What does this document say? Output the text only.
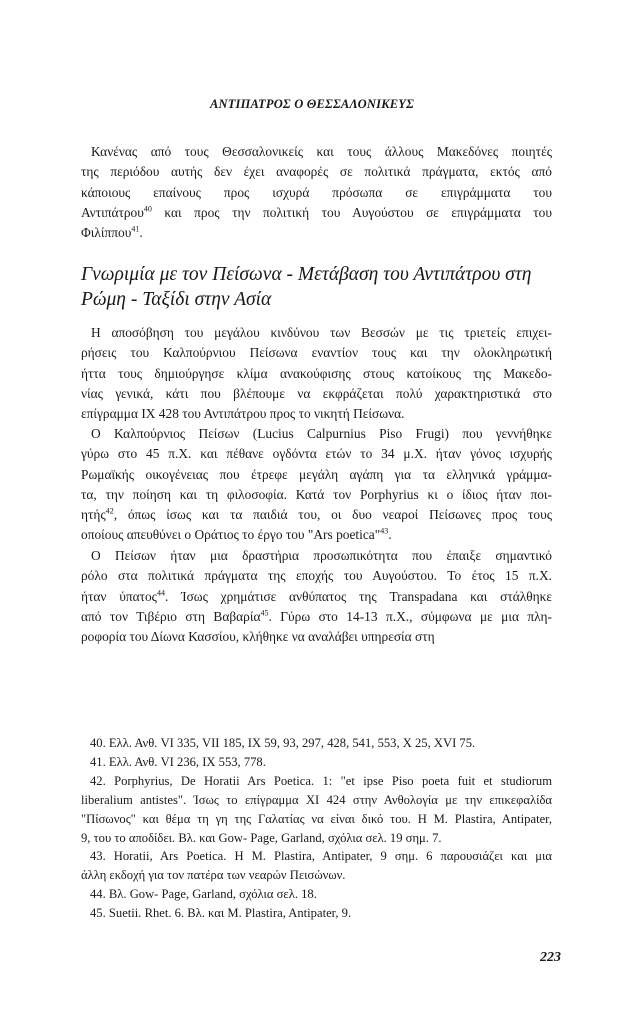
ΑΝΤΙΠΑΤΡΟΣ Ο ΘΕΣΣΑΛΟΝΙΚΕΥΣ

Κανένας από τους Θεσσαλονικείς και τους άλλους Μακεδόνες ποιητές
της περιόδου αυτής δεν έχει αναφορές σε πολιτικά πράγματα, εκτός από
κάποιους επαίνους προς ισχυρά πρόσωπα σε επιγράμματα του
Αντιπάτρου$^{40}$ και προς την πολιτική του Αυγούστου σε επιγράμματα του
Φιλίππου$^{41}$.

Γνωριμία με τον Πείσωνα - Μετάβαση του Αντιπάτρου στη
Ρώμη - Ταξίδι στην Ασία

Η αποσόβηση του μεγάλου κινδύνου των Βεσσών με τις τριετείς επιχει-
ρήσεις του Καλπούρνιου Πείσωνα εναντίον τους και την ολοκληρωτική
ήττα τους δημιούργησε κλίμα ανακούφισης στους κατοίκους της Μακεδο-
νίας γενικά, κάτι που βλέπουμε να εκφράζεται πολύ χαρακτηριστικά στο
επίγραμμα IX 428 του Αντιπάτρου προς το νικητή Πείσωνα.

Ο Καλπούρνιος Πείσων (Lucius Calpurnius Piso Frugi) που γεννήθηκε
γύρω στο 45 π.Χ. και πέθανε ογδόντα ετών το 34 μ.Χ. ήταν γόνος ισχυρής
Ρωμαϊκής οικογένειας που έτρεφε μεγάλη αγάπη για τα ελληνικά γράμμα-
τα, την ποίηση και τη φιλοσοφία. Κατά τον Porphyrius κι ο ίδιος ήταν ποι-
ητής$^{42}$, όπως ίσως και τα παιδιά του, οι δυο νεαροί Πείσωνες προς τους
οποίους απευθύνει ο Οράτιος το έργο του "Ars poetica"$^{43}$.

Ο Πείσων ήταν μια δραστήρια προσωπικότητα που έπαιξε σημαντικό
ρόλο στα πολιτικά πράγματα της εποχής του Αυγούστου. Το έτος 15 π.Χ.
ήταν ύπατος$^{44}$. Ίσως χρημάτισε ανθύπατος της Transpadana και στάλθηκε
από τον Τιβέριο στη Βαβαρία$^{45}$. Γύρω στο 14-13 π.Χ., σύμφωνα με μια πλη-
ροφορία του Δίωνα Κασσίου, κλήθηκε να αναλάβει υπηρεσία στη

40. Ελλ. Ανθ. VI 335, VII 185, IX 59, 93, 297, 428, 541, 553, X 25, XVI 75.

41. Ελλ. Ανθ. VI 236, IX 553, 778.

42. Porphyrius, De Horatii Ars Poetica. 1: "et ipse Piso poeta fuit et studiorum
liberalium antistes". Ίσως το επίγραμμα XI 424 στην Ανθολογία με την επικεφαλίδα
"Πίσωνος" και θέμα τη γη της Γαλατίας να είναι δικό του. H M. Plastira, Antipater,
9, του το αποδίδει. Βλ. και Gow- Page, Garland, σχόλια σελ. 19 σημ. 7.

43. Horatii, Ars Poetica. H M. Plastira, Antipater, 9 σημ. 6 παρουσιάζει και μια
άλλη εκδοχή για τον πατέρα των νεαρών Πεισώνων.

44. Βλ. Gow- Page, Garland, σχόλια σελ. 18.

45. Suetii. Rhet. 6. Βλ. και M. Plastira, Antipater, 9.

223
